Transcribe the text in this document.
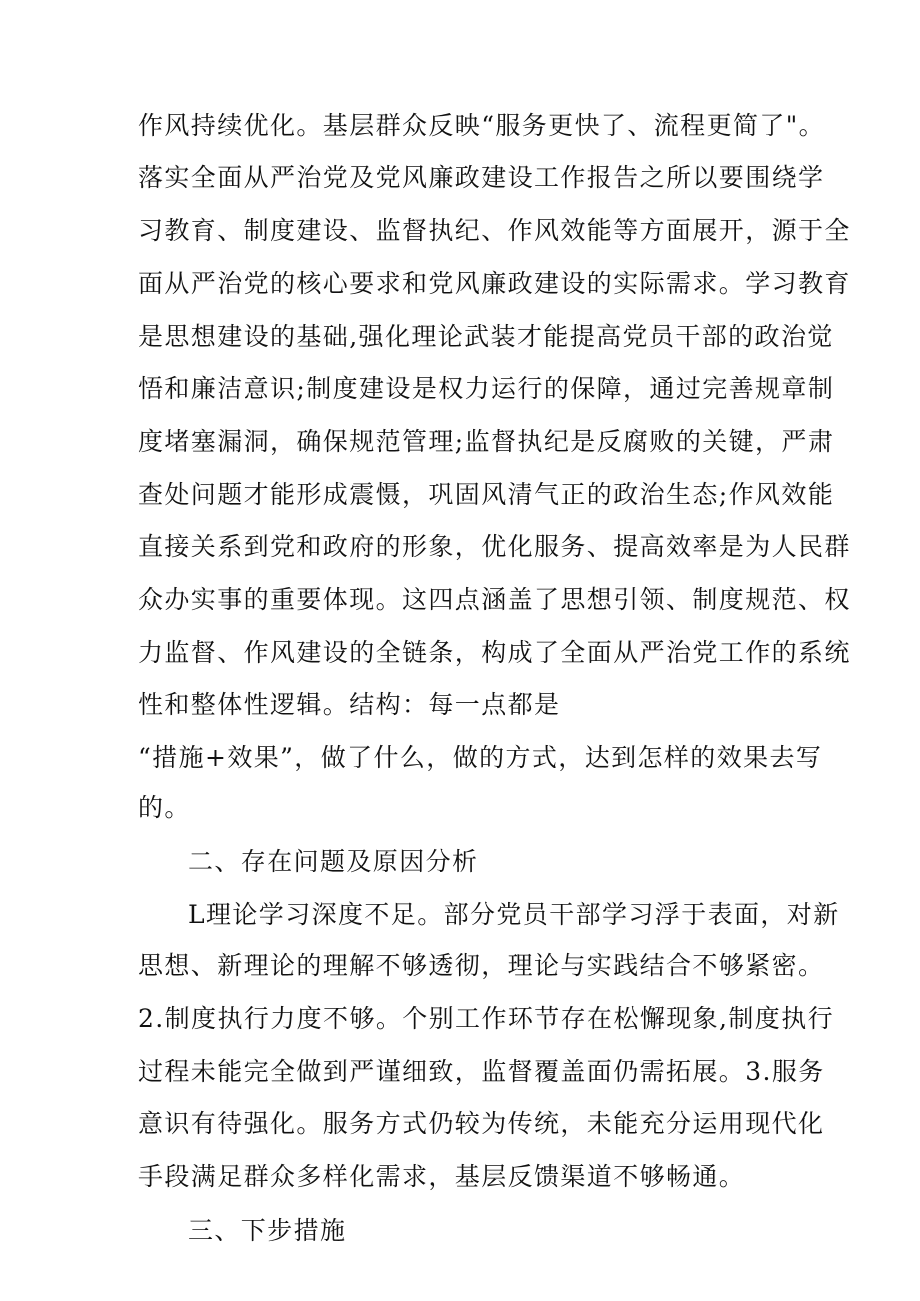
作风持续优化。基层群众反映“服务更快了、流程更简了"。
落实全面从严治党及党风廉政建设工作报告之所以要围绕学
习教育、制度建设、监督执纪、作风效能等方面展开，源于全
面从严治党的核心要求和党风廉政建设的实际需求。学习教育
是思想建设的基础,强化理论武装才能提高党员干部的政治觉
悟和廉洁意识;制度建设是权力运行的保障，通过完善规章制
度堵塞漏洞，确保规范管理;监督执纪是反腐败的关键，严肃
查处问题才能形成震慑，巩固风清气正的政治生态;作风效能
直接关系到党和政府的形象，优化服务、提高效率是为人民群
众办实事的重要体现。这四点涵盖了思想引领、制度规范、权
力监督、作风建设的全链条，构成了全面从严治党工作的系统
性和整体性逻辑。结构：每一点都是
“措施+效果”，做了什么，做的方式，达到怎样的效果去写
的。
二、存在问题及原因分析
L理论学习深度不足。部分党员干部学习浮于表面，对新
思想、新理论的理解不够透彻，理论与实践结合不够紧密。
2.制度执行力度不够。个别工作环节存在松懈现象,制度执行
过程未能完全做到严谨细致，监督覆盖面仍需拓展。3.服务
意识有待强化。服务方式仍较为传统，未能充分运用现代化
手段满足群众多样化需求，基层反馈渠道不够畅通。
三、下步措施
